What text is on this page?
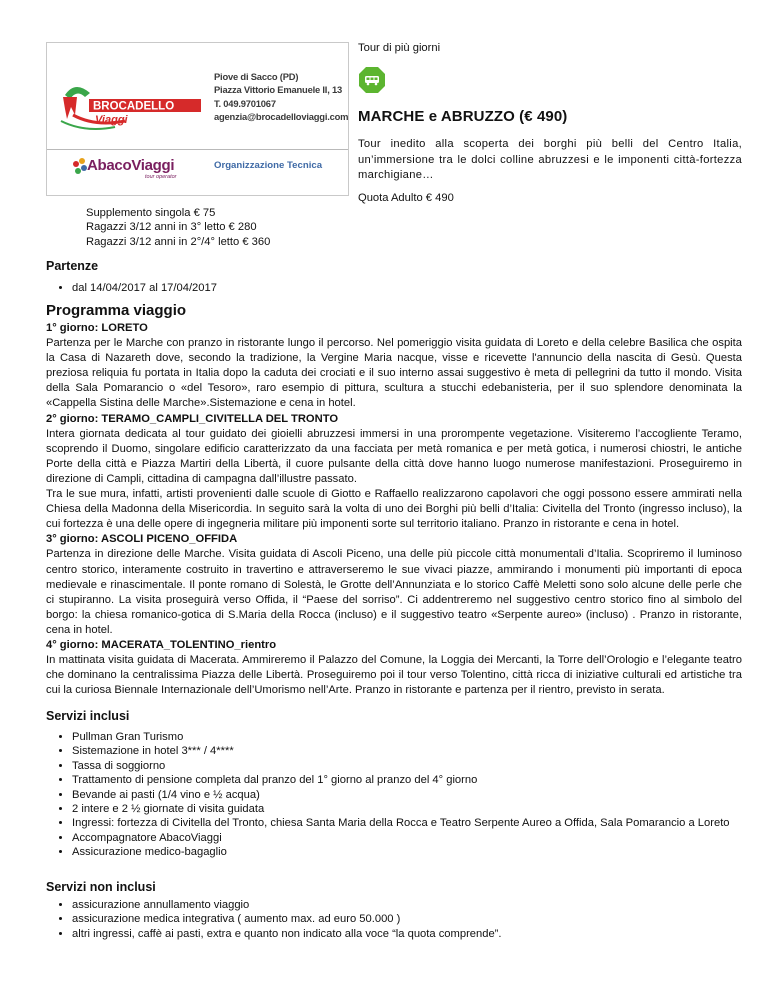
BROCADELLO
Viaggi
Piove di Sacco (PD)
Piazza Vittorio Emanuele II, 13
T. 049.9701067
agenzia@brocadelloviaggi.com
AbacoViaggi
tour operator
Organizzazione Tecnica
Tour di più giorni
MARCHE e ABRUZZO (€ 490)
Tour inedito alla scoperta dei borghi più belli del Centro Italia, un’immersione tra le dolci colline abruzzesi e le imponenti città-fortezza marchigiane…
Quota Adulto € 490
Supplemento singola € 75
Ragazzi 3/12 anni in 3° letto € 280
Ragazzi 3/12 anni in 2°/4° letto € 360
Partenze
• dal 14/04/2017 al 17/04/2017
Programma viaggio

1° giorno: LORETO

Partenza per le Marche con pranzo in ristorante lungo il percorso. Nel pomeriggio visita guidata di Loreto e della celebre Basilica che ospita la Casa di Nazareth dove, secondo la tradizione, la Vergine Maria nacque, visse e ricevette l'annuncio della nascita di Gesù. Questa preziosa reliquia fu portata in Italia dopo la caduta dei crociati e il suo interno assai suggestivo è meta di pellegrini da tutto il mondo. Visita della Sala Pomarancio o «del Tesoro», raro esempio di pittura, scultura a stucchi edebanisteria, per il suo splendore denominata la «Cappella Sistina delle Marche».Sistemazione e cena in hotel.

2° giorno: TERAMO_CAMPLI_CIVITELLA DEL TRONTO

Intera giornata dedicata al tour guidato dei gioielli abruzzesi immersi in una prorompente vegetazione. Visiteremo l’accogliente Teramo, scoprendo il Duomo, singolare edificio caratterizzato da una facciata per metà romanica e per metà gotica, i numerosi chiostri, le antiche Porte della città e Piazza Martiri della Libertà, il cuore pulsante della città dove hanno luogo numerose manifestazioni. Proseguiremo in direzione di Campli, cittadina di campagna dall’illustre passato.

Tra le sue mura, infatti, artisti provenienti dalle scuole di Giotto e Raffaello realizzarono capolavori che oggi possono essere ammirati nella Chiesa della Madonna della Misericordia. In seguito sarà la volta di uno dei Borghi più belli d’Italia: Civitella del Tronto (ingresso incluso), la cui fortezza è una delle opere di ingegneria militare più imponenti sorte sul territorio italiano. Pranzo in ristorante e cena in hotel.

3° giorno: ASCOLI PICENO_OFFIDA

Partenza in direzione delle Marche. Visita guidata di Ascoli Piceno, una delle più piccole città monumentali d’Italia. Scopriremo il luminoso centro storico, interamente costruito in travertino e attraverseremo le sue vivaci piazze, ammirando i monumenti più importanti di epoca medievale e rinascimentale. Il ponte romano di Solestà, le Grotte dell’Annunziata e lo storico Caffè Meletti sono solo alcune delle perle che ci stupiranno. La visita proseguirà verso Offida, il “Paese del sorriso”. Ci addentreremo nel suggestivo centro storico fino al simbolo del borgo: la chiesa romanico-gotica di S.Maria della Rocca (incluso) e il suggestivo teatro «Serpente aureo» (incluso) . Pranzo in ristorante, cena in hotel.

4° giorno: MACERATA_TOLENTINO_rientro

In mattinata visita guidata di Macerata. Ammireremo il Palazzo del Comune, la Loggia dei Mercanti, la Torre dell’Orologio e l’elegante teatro che dominano la centralissima Piazza delle Libertà. Proseguiremo poi il tour verso Tolentino, città ricca di iniziative culturali ed artistiche tra cui la curiosa Biennale Internazionale dell’Umorismo nell’Arte. Pranzo in ristorante e partenza per il rientro, previsto in serata.

Servizi inclusi
• Pullman Gran Turismo
• Sistemazione in hotel 3*** / 4****
• Tassa di soggiorno
• Trattamento di pensione completa dal pranzo del 1° giorno al pranzo del 4° giorno
• Bevande ai pasti (1/4 vino e ½ acqua)
• 2 intere e 2 ½ giornate di visita guidata
• Ingressi: fortezza di Civitella del Tronto, chiesa Santa Maria della Rocca e Teatro Serpente Aureo a Offida, Sala Pomarancio a Loreto
• Accompagnatore AbacoViaggi
• Assicurazione medico-bagaglio
Servizi non inclusi
• assicurazione annullamento viaggio
• assicurazione medica integrativa ( aumento max. ad euro 50.000 )
• altri ingressi, caffè ai pasti, extra e quanto non indicato alla voce “la quota comprende”.
